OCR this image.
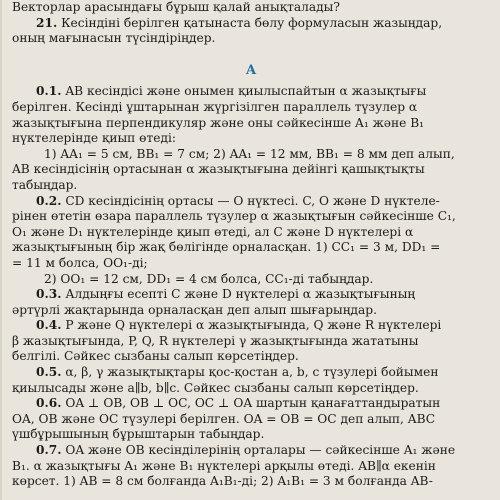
Векторлар арасындағы бұрыш қалай анықталады?

21. Кесіндіні берілген қатынаста бөлу формуласын жазыңдар,

оның мағынасын түсіндіріңдер.

А

0.1. AB кесіндісі және онымен қиылыспайтын α жазықтығы

берілген. Кесінді ұштарынан жүргізілген параллель түзулер α

жазықтығына перпендикуляр және оны сәйкесінше A₁ және B₁

нүктелерінде қиып өтеді:

1) AA₁ = 5 см, BB₁ = 7 см; 2) AA₁ = 12 мм, BB₁ = 8 мм деп алып,

AB кесіндісінің ортасынан α жазықтығына дейінгі қашықтықты

табыңдар.

0.2. CD кесіндісінің ортасы — O нүктесі. C, O және D нүктеле-

рінен өтетін өзара параллель түзулер α жазықтығын сәйкесінше C₁,

O₁ және D₁ нүктелерінде қиып өтеді, ал C және D нүктелері α

жазықтығының бір жақ бөлігінде орналасқан. 1) CC₁ = 3 м, DD₁ =

= 11 м болса, OO₁-ді;

2) OO₁ = 12 см, DD₁ = 4 см болса, CC₁-ді табыңдар.

0.3. Алдыңғы есепті C және D нүктелері α жазықтығының

әртүрлі жақтарында орналасқан деп алып шығарыңдар.

0.4. P және Q нүктелері α жазықтығында, Q және R нүктелері

β жазықтығында, P, Q, R нүктелері γ жазықтығында жататыны

белгілі. Сәйкес сызбаны салып көрсетіңдер.

0.5. α, β, γ жазықтықтары қос-қостан a, b, c түзулері бойымен

қиылысады және a∥b, b∥c. Сәйкес сызбаны салып көрсетіңдер.

0.6. OA ⊥ OB, OB ⊥ OC, OC ⊥ OA шартын қанағаттандыратын

OA, OB және OC түзулері берілген. OA = OB = OC деп алып, ABC

үшбұрышының бұрыштарын табыңдар.

0.7. OA және OB кесінділерінің орталары — сәйкесінше A₁ және

B₁. α жазықтығы A₁ және B₁ нүктелері арқылы өтеді. AB∥α екенін

көрсет. 1) AB = 8 см болғанда A₁B₁-ді; 2) A₁B₁ = 3 м болғанда AB-
